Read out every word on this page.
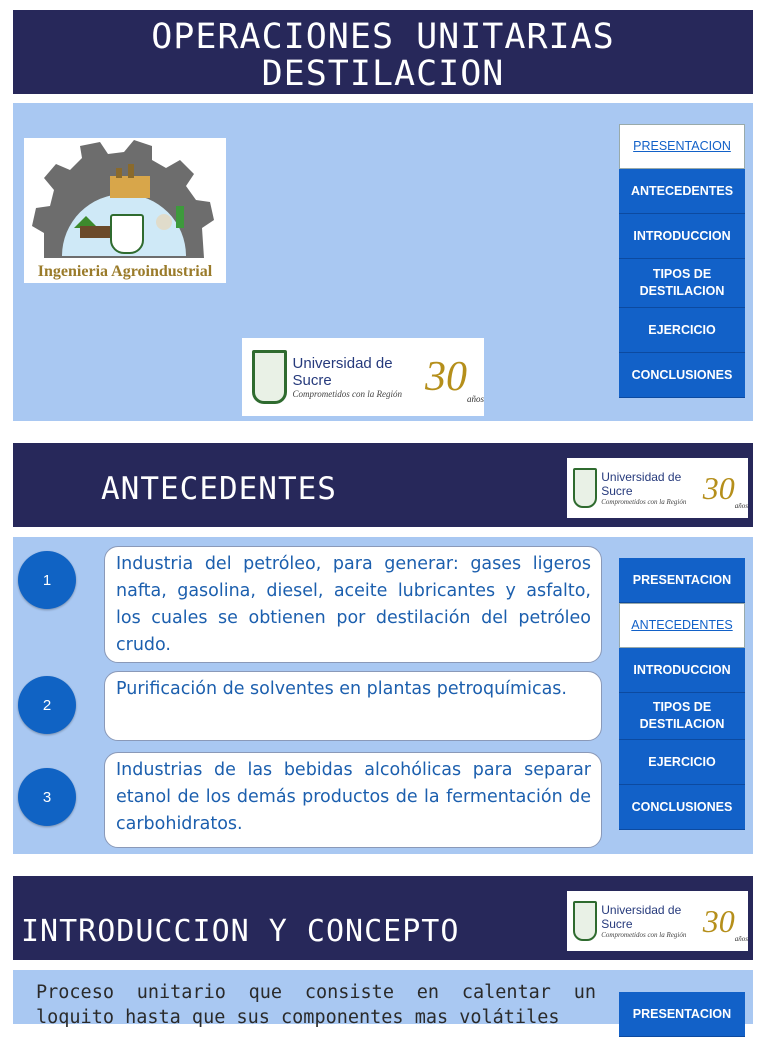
OPERACIONES UNITARIAS
DESTILACION
Ingenieria Agroindustrial
Universidad de Sucre
Comprometidos con la Región 30 años
PRESENTACION
ANTECEDENTES
INTRODUCCION
TIPOS DE DESTILACION
EJERCICIO
CONCLUSIONES
ANTECEDENTES	Universidad de Sucre
Comprometidos con la Región 30
años
1
2
3
Industria del petróleo, para generar: gases ligeros nafta, gasolina, diesel, aceite lubricantes y asfalto, los cuales se obtienen por destilación del petróleo crudo.
Purificación de solventes en plantas petroquímicas.
Industrias de las bebidas alcohólicas para separar etanol de los demás productos de la fermentación de carbohidratos.
PRESENTACION
ANTECEDENTES
INTRODUCCION
TIPOS DE DESTILACION
EJERCICIO
CONCLUSIONES
INTRODUCCION Y CONCEPTO
Universidad de Sucre
Comprometidos con la Región 30
años
Proceso unitario que consiste en calentar un loquito hasta que sus componentes mas volátiles	PRESENTACION
